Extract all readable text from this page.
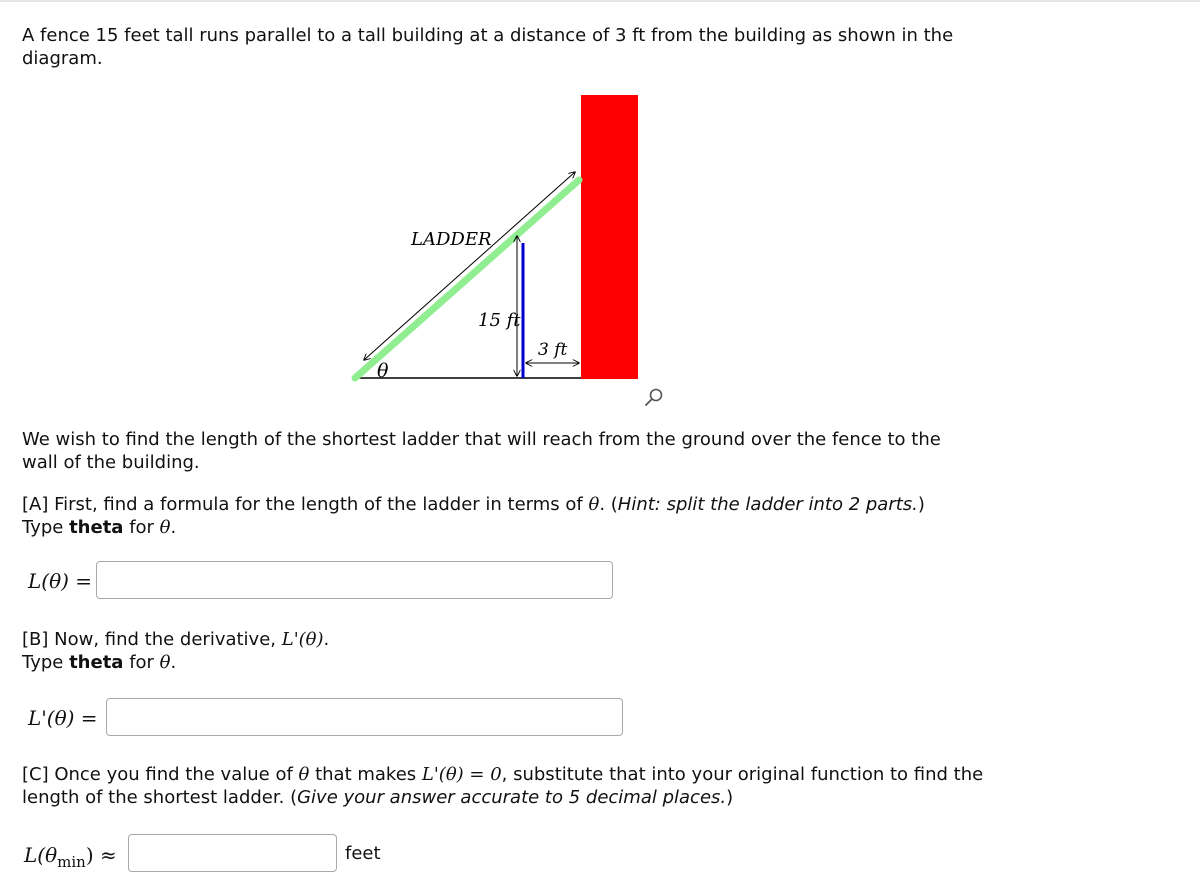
A fence 15 feet tall runs parallel to a tall building at a distance of 3 ft from the building as shown in the diagram.

LADDER
15 ft
3 ft
θ

We wish to find the length of the shortest ladder that will reach from the ground over the fence to the wall of the building.

[A] First, find a formula for the length of the ladder in terms of θ. (Hint: split the ladder into 2 parts.)
Type theta for θ.

L(θ) =

[B] Now, find the derivative, L'(θ).
Type theta for θ.

L'(θ) =

[C] Once you find the value of θ that makes L'(θ) = 0, substitute that into your original function to find the
length of the shortest ladder. (Give your answer accurate to 5 decimal places.)

$L(\theta_{min})$ ≈	feet
